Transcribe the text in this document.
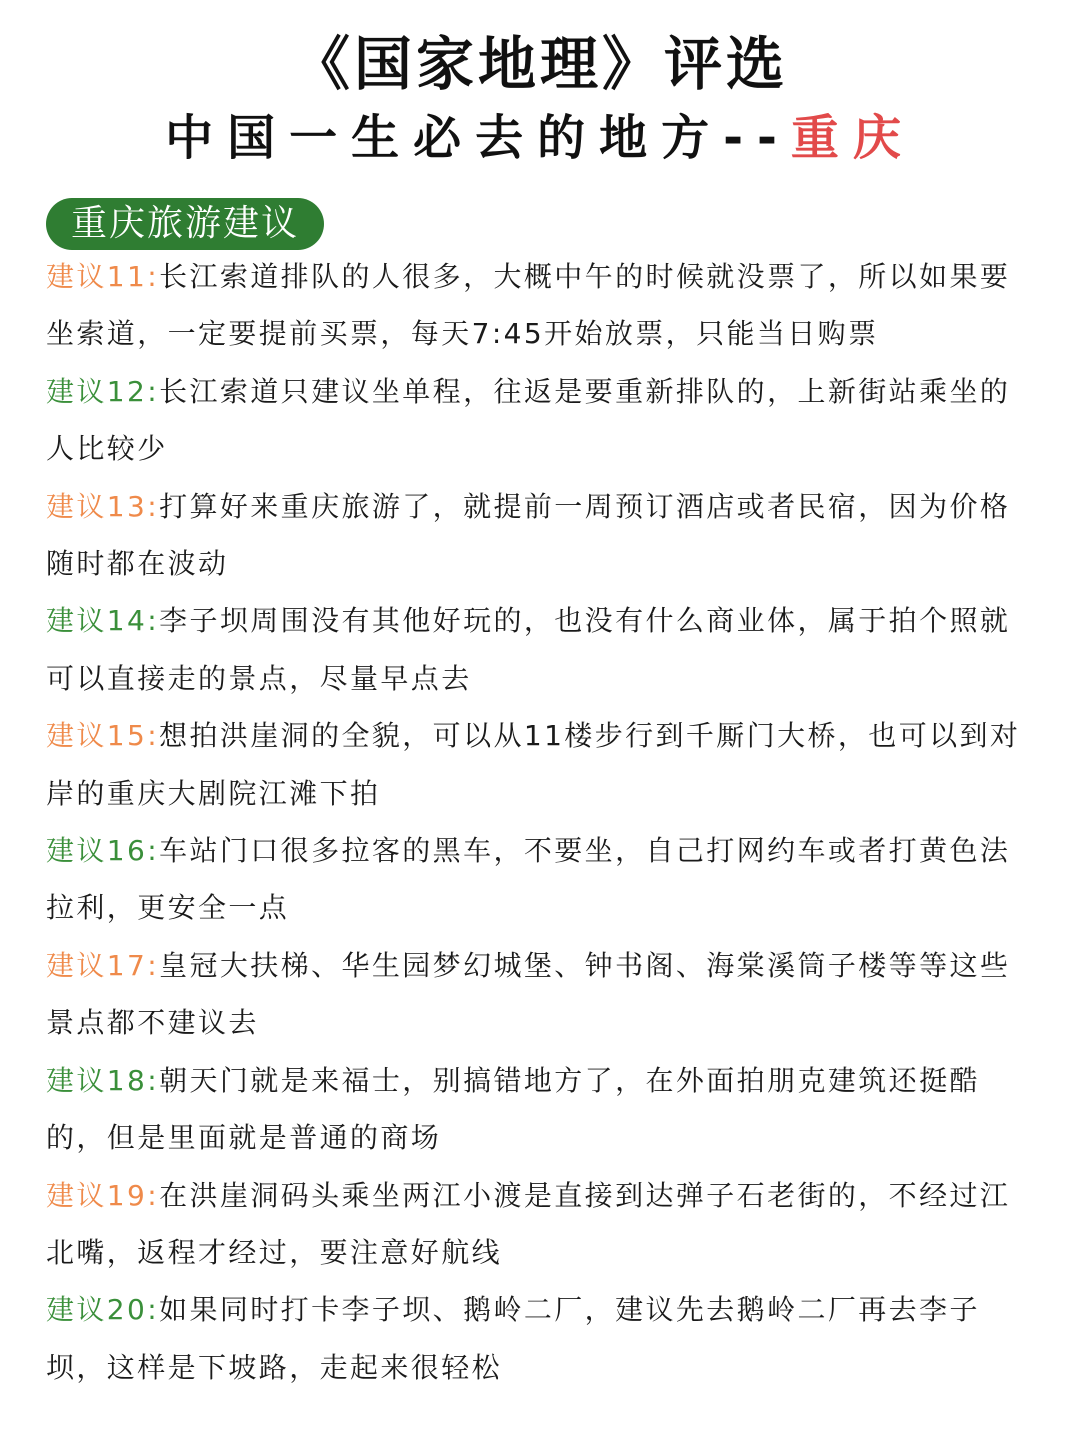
《国家地理》评选
中国一生必去的地方--重庆
重庆旅游建议
建议11:长江索道排队的人很多，大概中午的时候就没票了，所以如果要坐索道，一定要提前买票，每天7:45开始放票，只能当日购票
建议12:长江索道只建议坐单程，往返是要重新排队的，上新街站乘坐的人比较少
建议13:打算好来重庆旅游了，就提前一周预订酒店或者民宿，因为价格随时都在波动
建议14:李子坝周围没有其他好玩的，也没有什么商业体，属于拍个照就可以直接走的景点，尽量早点去
建议15:想拍洪崖洞的全貌，可以从11楼步行到千厮门大桥，也可以到对岸的重庆大剧院江滩下拍
建议16:车站门口很多拉客的黑车，不要坐，自己打网约车或者打黄色法拉利，更安全一点
建议17:皇冠大扶梯、华生园梦幻城堡、钟书阁、海棠溪筒子楼等等这些景点都不建议去
建议18:朝天门就是来福士，别搞错地方了，在外面拍朋克建筑还挺酷的，但是里面就是普通的商场
建议19:在洪崖洞码头乘坐两江小渡是直接到达弹子石老街的，不经过江北嘴，返程才经过，要注意好航线
建议20:如果同时打卡李子坝、鹅岭二厂，建议先去鹅岭二厂再去李子坝，这样是下坡路，走起来很轻松
